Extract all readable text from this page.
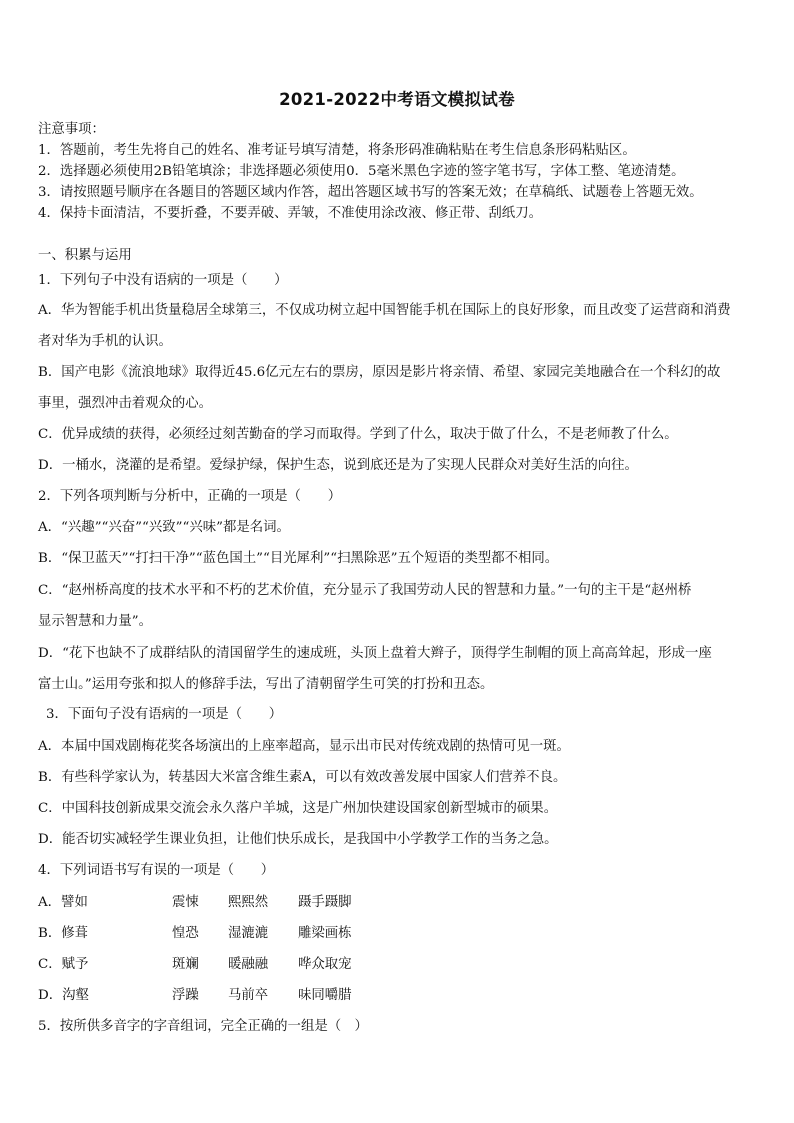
2021-2022中考语文模拟试卷
注意事项：
1．答题前，考生先将自己的姓名、准考证号填写清楚，将条形码准确粘贴在考生信息条形码粘贴区。
2．选择题必须使用2B铅笔填涂；非选择题必须使用0．5毫米黑色字迹的签字笔书写，字体工整、笔迹清楚。
3．请按照题号顺序在各题目的答题区域内作答，超出答题区域书写的答案无效；在草稿纸、试题卷上答题无效。
4．保持卡面清洁，不要折叠，不要弄破、弄皱，不准使用涂改液、修正带、刮纸刀。
一、积累与运用
1．下列句子中没有语病的一项是（　　）
A．华为智能手机出货量稳居全球第三，不仅成功树立起中国智能手机在国际上的良好形象，而且改变了运营商和消费
者对华为手机的认识。
B．国产电影《流浪地球》取得近45.6亿元左右的票房，原因是影片将亲情、希望、家园完美地融合在一个科幻的故
事里，强烈冲击着观众的心。
C．优异成绩的获得，必须经过刻苦勤奋的学习而取得。学到了什么，取决于做了什么，不是老师教了什么。
D．一桶水，浇灌的是希望。爱绿护绿，保护生态，说到底还是为了实现人民群众对美好生活的向往。
2．下列各项判断与分析中，正确的一项是（　　）
A．“兴趣”“兴奋”“兴致”“兴味”都是名词。
B．“保卫蓝天”“打扫干净”“蓝色国土”“目光犀利”“扫黑除恶”五个短语的类型都不相同。
C．“赵州桥高度的技术水平和不朽的艺术价值，充分显示了我国劳动人民的智慧和力量。”一句的主干是“赵州桥
显示智慧和力量”。
D．“花下也缺不了成群结队的清国留学生的速成班，头顶上盘着大辫子，顶得学生制帽的顶上高高耸起，形成一座
富士山。”运用夸张和拟人的修辞手法，写出了清朝留学生可笑的打扮和丑态。
3．下面句子没有语病的一项是（　　）
A．本届中国戏剧梅花奖各场演出的上座率超高，显示出市民对传统戏剧的热情可见一斑。
B．有些科学家认为，转基因大米富含维生素A，可以有效改善发展中国家人们营养不良。
C．中国科技创新成果交流会永久落户羊城，这是广州加快建设国家创新型城市的硕果。
D．能否切实减轻学生课业负担，让他们快乐成长，是我国中小学教学工作的当务之急。
4．下列词语书写有误的一项是（　　）
A．譬如	震悚 熙熙然 蹑手蹑脚
B．修葺	惶恐 湿漉漉 雕梁画栋
C．赋予	斑斓 暖融融 哗众取宠
D．沟壑	浮躁 马前卒 味同嚼腊
5．按所供多音字的字音组词，完全正确的一组是（　）
